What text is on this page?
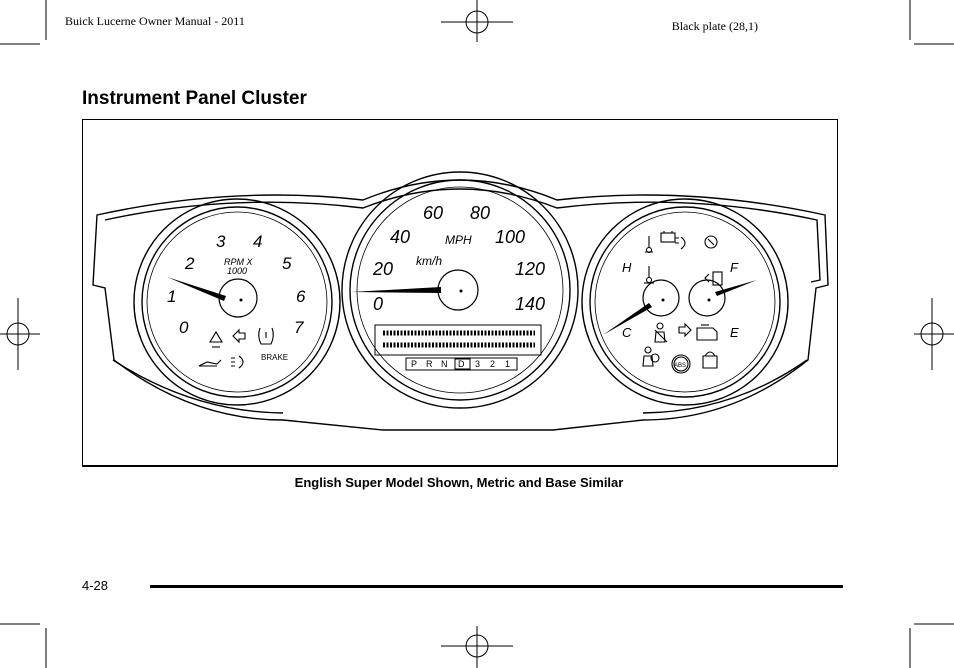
Buick Lucerne Owner Manual - 2011	Black plate (28,1)
Instrument Panel Cluster
0
1
2
3 4
5
6
7
RPM X
1000
BRAKE
0
20
40
60 80
100
120
140
MPH
km/h
P R N D 3 2 1
H
C
F
E
ABS
English Super Model Shown, Metric and Base Similar
4-28
